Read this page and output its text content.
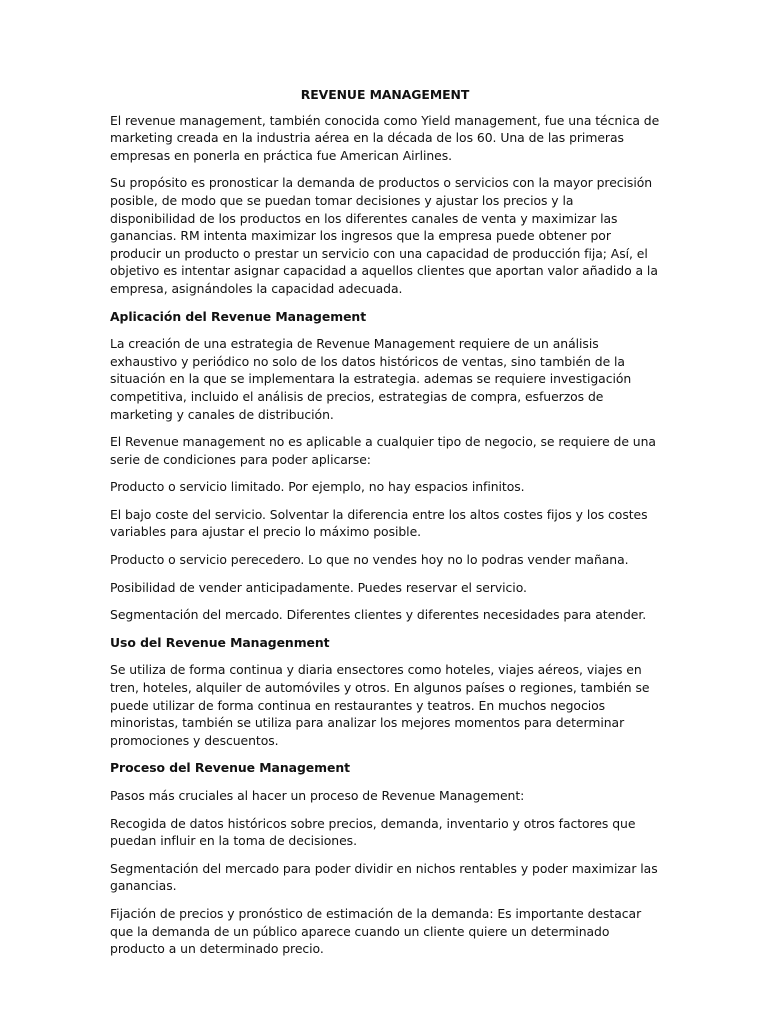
REVENUE MANAGEMENT

El revenue management, también conocida como Yield management, fue una técnica de marketing creada en la industria aérea en la década de los 60. Una de las primeras empresas en ponerla en práctica fue American Airlines.

Su propósito es pronosticar la demanda de productos o servicios con la mayor precisión posible, de modo que se puedan tomar decisiones y ajustar los precios y la disponibilidad de los productos en los diferentes canales de venta y maximizar las ganancias. RM intenta maximizar los ingresos que la empresa puede obtener por producir un producto o prestar un servicio con una capacidad de producción fija; Así, el objetivo es intentar asignar capacidad a aquellos clientes que aportan valor añadido a la empresa, asignándoles la capacidad adecuada.

Aplicación del Revenue Management

La creación de una estrategia de Revenue Management requiere de un análisis exhaustivo y periódico no solo de los datos históricos de ventas, sino también de la situación en la que se implementara la estrategia. ademas se requiere investigación competitiva, incluido el análisis de precios, estrategias de compra, esfuerzos de marketing y canales de distribución.

El Revenue management no es aplicable a cualquier tipo de negocio, se requiere de una serie de condiciones para poder aplicarse:

Producto o servicio limitado. Por ejemplo, no hay espacios infinitos.

El bajo coste del servicio. Solventar la diferencia entre los altos costes fijos y los costes variables para ajustar el precio lo máximo posible.

Producto o servicio perecedero. Lo que no vendes hoy no lo podras vender mañana.

Posibilidad de vender anticipadamente. Puedes reservar el servicio.

Segmentación del mercado. Diferentes clientes y diferentes necesidades para atender.

Uso del Revenue Managenment

Se utiliza de forma continua y diaria ensectores como hoteles, viajes aéreos, viajes en tren, hoteles, alquiler de automóviles y otros. En algunos países o regiones, también se puede utilizar de forma continua en restaurantes y teatros. En muchos negocios minoristas, también se utiliza para analizar los mejores momentos para determinar promociones y descuentos.

Proceso del Revenue Management

Pasos más cruciales al hacer un proceso de Revenue Management:

Recogida de datos históricos sobre precios, demanda, inventario y otros factores que puedan influir en la toma de decisiones.

Segmentación del mercado para poder dividir en nichos rentables y poder maximizar las ganancias.

Fijación de precios y pronóstico de estimación de la demanda: Es importante destacar que la demanda de un público aparece cuando un cliente quiere un determinado producto a un determinado precio.
